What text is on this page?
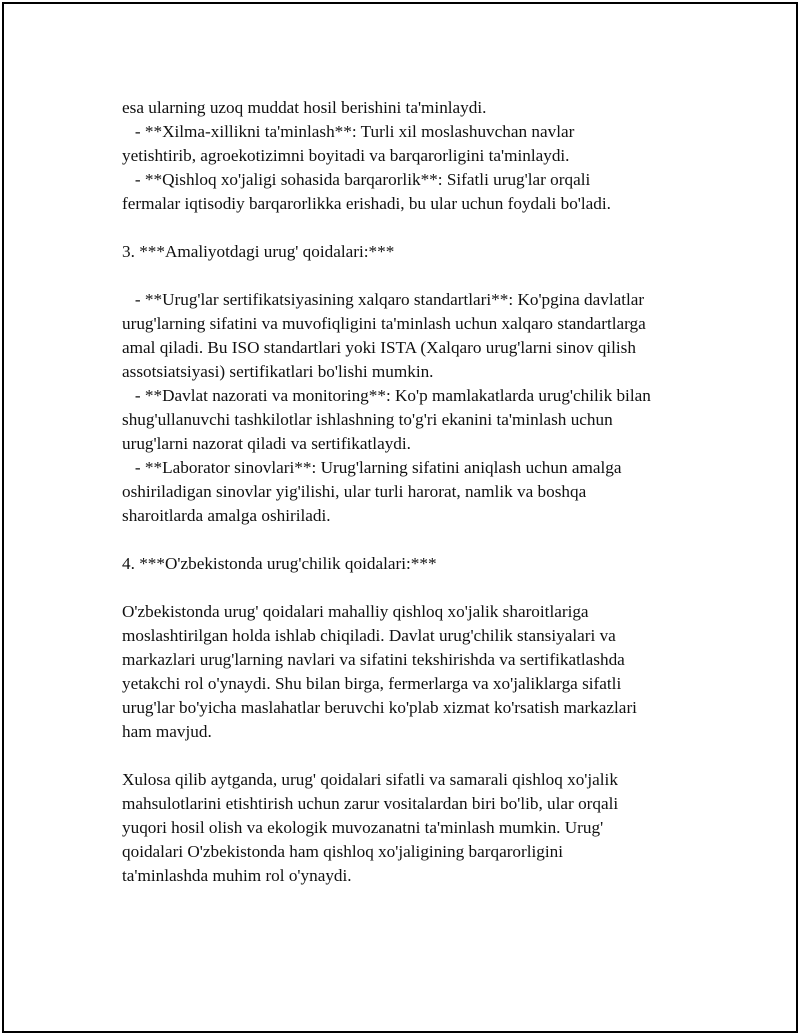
esa ularning uzoq muddat hosil berishini ta'minlaydi.
- **Xilma-xillikni ta'minlash**: Turli xil moslashuvchan navlar
yetishtirib, agroekotizimni boyitadi va barqarorligini ta'minlaydi.
- **Qishloq xo'jaligi sohasida barqarorlik**: Sifatli urug'lar orqali
fermalar iqtisodiy barqarorlikka erishadi, bu ular uchun foydali bo'ladi.
3. ***Amaliyotdagi urug' qoidalari:***
- **Urug'lar sertifikatsiyasining xalqaro standartlari**: Ko'pgina davlatlar
urug'larning sifatini va muvofiqligini ta'minlash uchun xalqaro standartlarga
amal qiladi. Bu ISO standartlari yoki ISTA (Xalqaro urug'larni sinov qilish
assotsiatsiyasi) sertifikatlari bo'lishi mumkin.
- **Davlat nazorati va monitoring**: Ko'p mamlakatlarda urug'chilik bilan
shug'ullanuvchi tashkilotlar ishlashning to'g'ri ekanini ta'minlash uchun
urug'larni nazorat qiladi va sertifikatlaydi.
- **Laborator sinovlari**: Urug'larning sifatini aniqlash uchun amalga
oshiriladigan sinovlar yig'ilishi, ular turli harorat, namlik va boshqa
sharoitlarda amalga oshiriladi.
4. ***O'zbekistonda urug'chilik qoidalari:***
O'zbekistonda urug' qoidalari mahalliy qishloq xo'jalik sharoitlariga
moslashtirilgan holda ishlab chiqiladi. Davlat urug'chilik stansiyalari va
markazlari urug'larning navlari va sifatini tekshirishda va sertifikatlashda
yetakchi rol o'ynaydi. Shu bilan birga, fermerlarga va xo'jaliklarga sifatli
urug'lar bo'yicha maslahatlar beruvchi ko'plab xizmat ko'rsatish markazlari
ham mavjud.
Xulosa qilib aytganda, urug' qoidalari sifatli va samarali qishloq xo'jalik
mahsulotlarini etishtirish uchun zarur vositalardan biri bo'lib, ular orqali
yuqori hosil olish va ekologik muvozanatni ta'minlash mumkin. Urug'
qoidalari O'zbekistonda ham qishloq xo'jaligining barqarorligini
ta'minlashda muhim rol o'ynaydi.
